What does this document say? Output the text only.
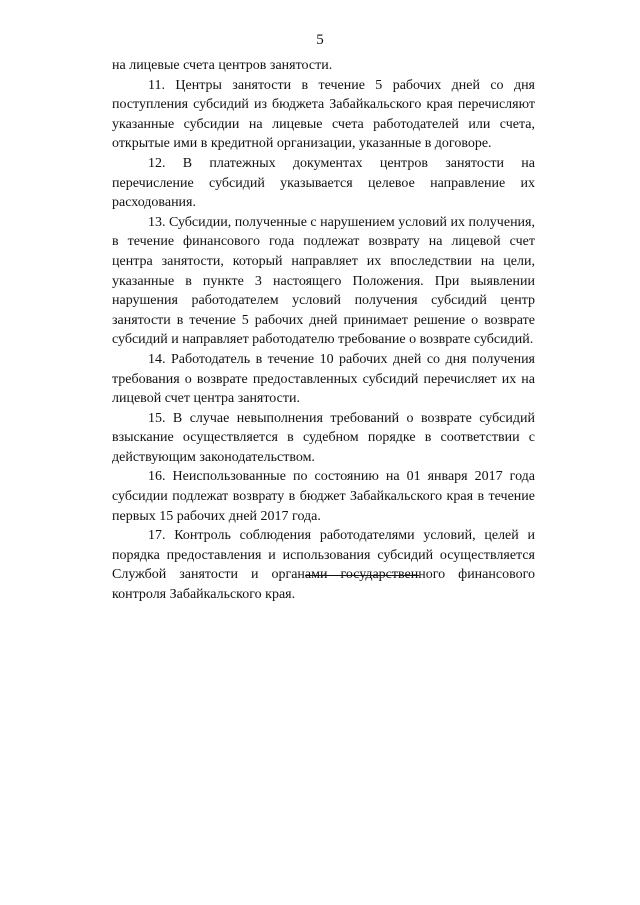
5

на лицевые счета центров занятости.

11. Центры занятости в течение 5 рабочих дней со дня поступления субсидий из бюджета Забайкальского края перечисляют указанные субсидии на лицевые счета работодателей или счета, открытые ими в кредитной организации, указанные в договоре.

12. В платежных документах центров занятости на перечисление субсидий указывается целевое направление их расходования.

13. Субсидии, полученные с нарушением условий их получения, в течение финансового года подлежат возврату на лицевой счет центра занятости, который направляет их впоследствии на цели, указанные в пункте 3 настоящего Положения. При выявлении нарушения работодателем условий получения субсидий центр занятости в течение 5 рабочих дней принимает решение о возврате субсидий и направляет работодателю требование о возврате субсидий.

14. Работодатель в течение 10 рабочих дней со дня получения требования о возврате предоставленных субсидий перечисляет их на лицевой счет центра занятости.

15. В случае невыполнения требований о возврате субсидий взыскание осуществляется в судебном порядке в соответствии с действующим законодательством.

16. Неиспользованные по состоянию на 01 января 2017 года субсидии подлежат возврату в бюджет Забайкальского края в течение первых 15 рабочих дней 2017 года.

17. Контроль соблюдения работодателями условий, целей и порядка предоставления и использования субсидий осуществляется Службой занятости и органами государственного финансового контроля Забайкальского края.
